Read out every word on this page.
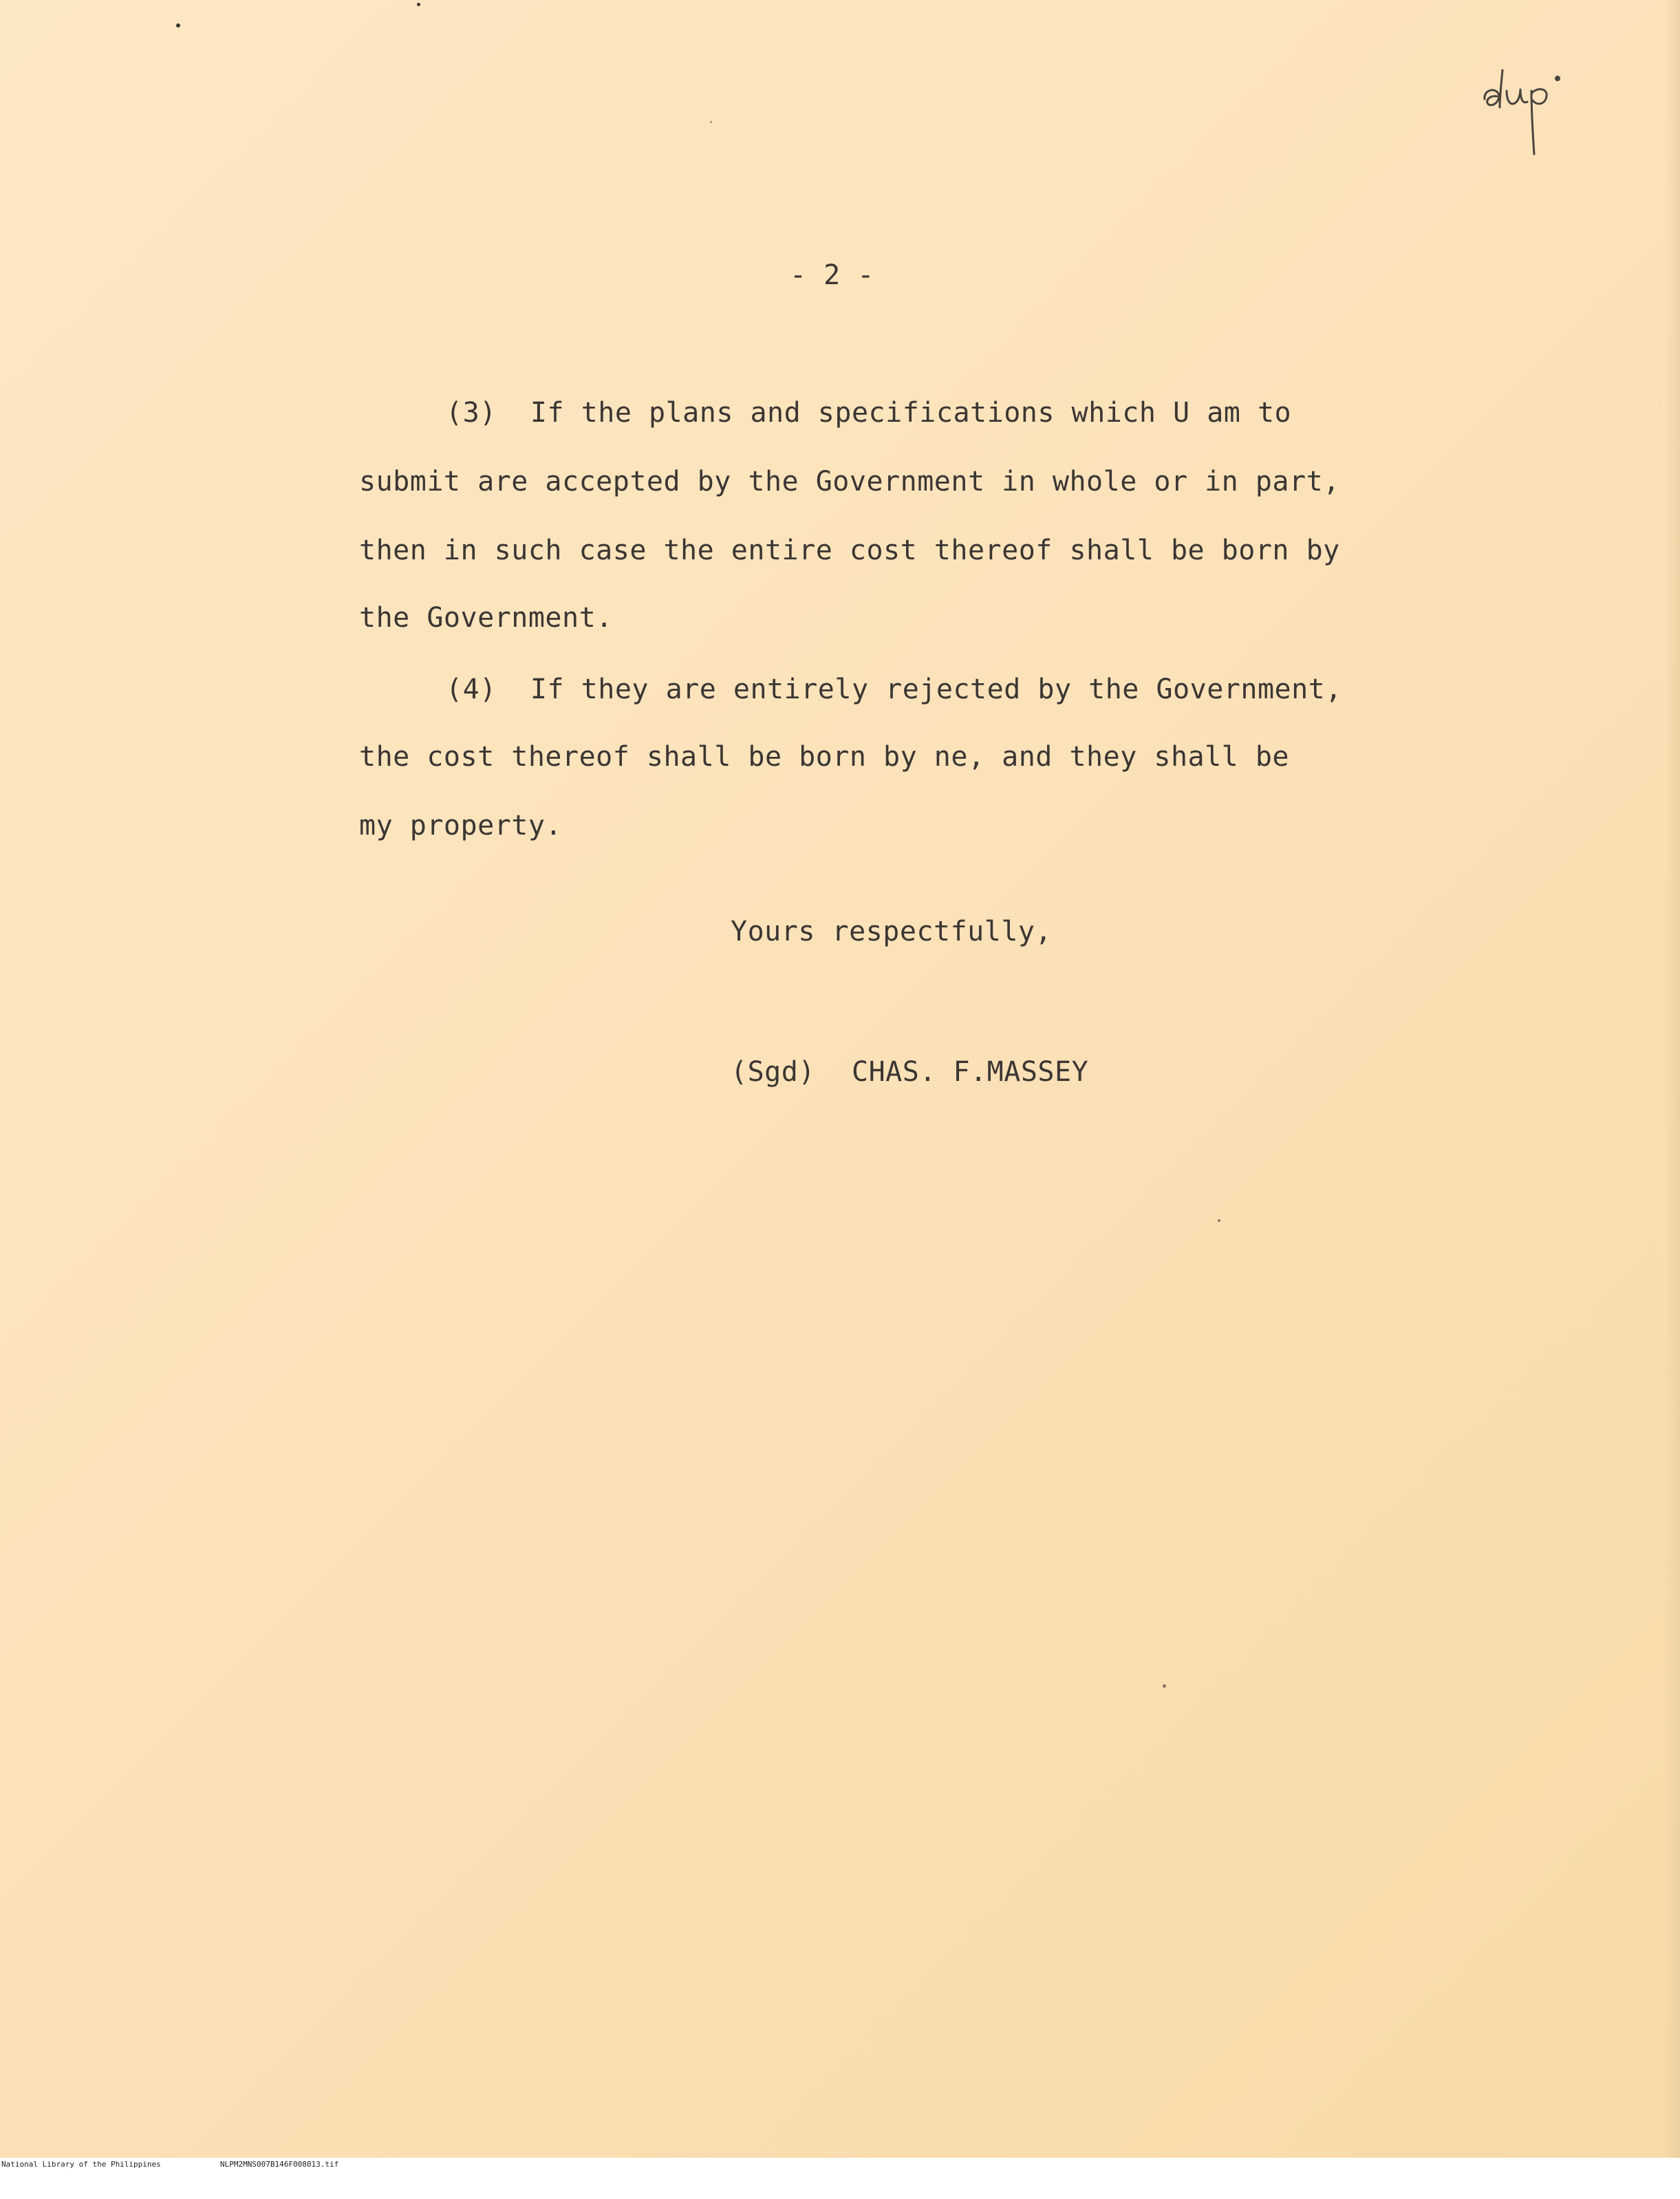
- 2 -
(3)  If the plans and specifications which U am to
submit are accepted by the Government in whole or in part,
then in such case the entire cost thereof shall be born by
the Government.
(4)  If they are entirely rejected by the Government,
the cost thereof shall be born by ne, and they shall be
my property.
Yours respectfully,
(Sgd) CHAS. F.MASSEY

National Library of the Philippines

	NLPM2MNS007B146F008013.tif
